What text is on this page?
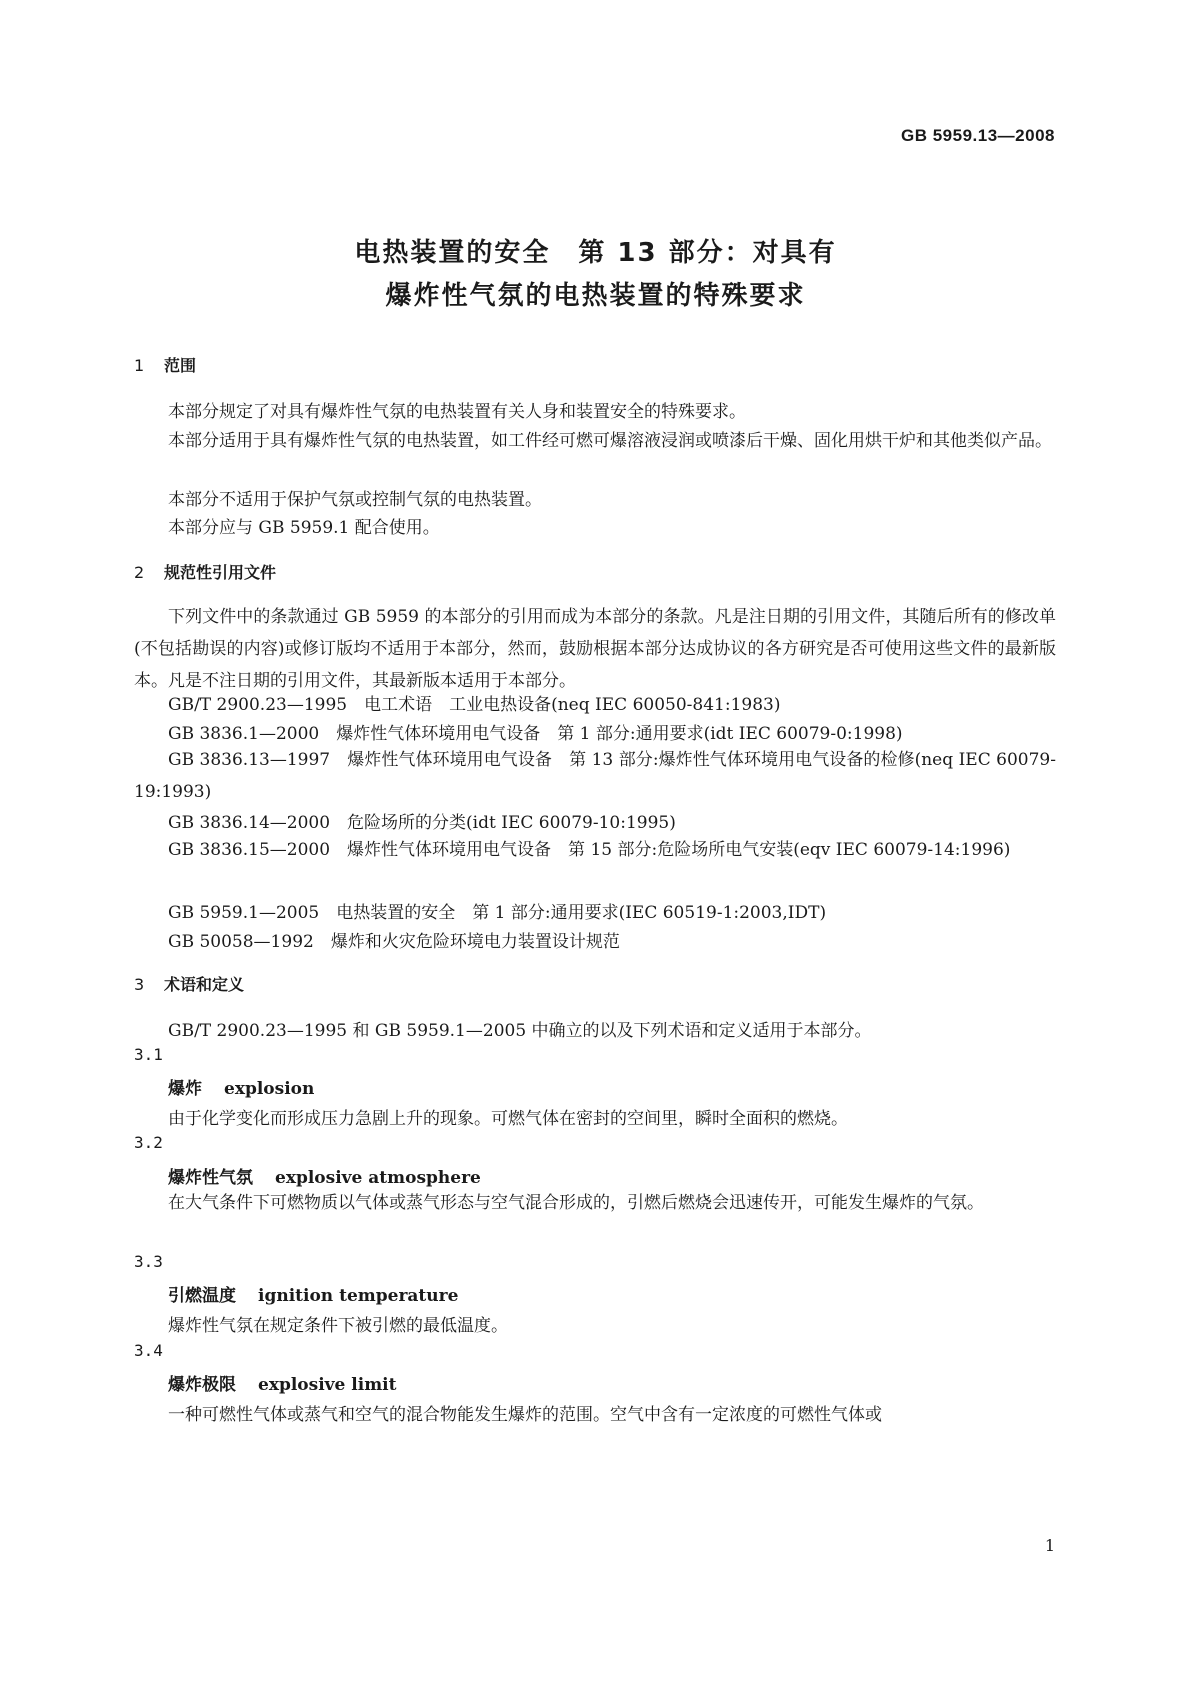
GB 5959.13—2008
电热装置的安全　第 13 部分：对具有
爆炸性气氛的电热装置的特殊要求
1 范围
本部分规定了对具有爆炸性气氛的电热装置有关人身和装置安全的特殊要求。
本部分适用于具有爆炸性气氛的电热装置，如工件经可燃可爆溶液浸润或喷漆后干燥、固化用烘干炉和其他类似产品。
本部分不适用于保护气氛或控制气氛的电热装置。
本部分应与 GB 5959.1 配合使用。
2 规范性引用文件
下列文件中的条款通过 GB 5959 的本部分的引用而成为本部分的条款。凡是注日期的引用文件，其随后所有的修改单(不包括勘误的内容)或修订版均不适用于本部分，然而，鼓励根据本部分达成协议的各方研究是否可使用这些文件的最新版本。凡是不注日期的引用文件，其最新版本适用于本部分。
GB/T 2900.23—1995　电工术语　工业电热设备(neq IEC 60050-841:1983)
GB 3836.1—2000　爆炸性气体环境用电气设备　第 1 部分:通用要求(idt IEC 60079-0:1998)
GB 3836.13—1997　爆炸性气体环境用电气设备　第 13 部分:爆炸性气体环境用电气设备的检修(neq IEC 60079-19:1993)
GB 3836.14—2000　危险场所的分类(idt IEC 60079-10:1995)
GB 3836.15—2000　爆炸性气体环境用电气设备　第 15 部分:危险场所电气安装(eqv IEC 60079-14:1996)
GB 5959.1—2005　电热装置的安全　第 1 部分:通用要求(IEC 60519-1:2003,IDT)
GB 50058—1992　爆炸和火灾危险环境电力装置设计规范
3 术语和定义
GB/T 2900.23—1995 和 GB 5959.1—2005 中确立的以及下列术语和定义适用于本部分。
3.1
爆炸 explosion
由于化学变化而形成压力急剧上升的现象。可燃气体在密封的空间里，瞬时全面积的燃烧。
3.2
爆炸性气氛 explosive atmosphere
在大气条件下可燃物质以气体或蒸气形态与空气混合形成的，引燃后燃烧会迅速传开，可能发生爆炸的气氛。
3.3
引燃温度 ignition temperature
爆炸性气氛在规定条件下被引燃的最低温度。
3.4
爆炸极限 explosive limit
一种可燃性气体或蒸气和空气的混合物能发生爆炸的范围。空气中含有一定浓度的可燃性气体或
1
